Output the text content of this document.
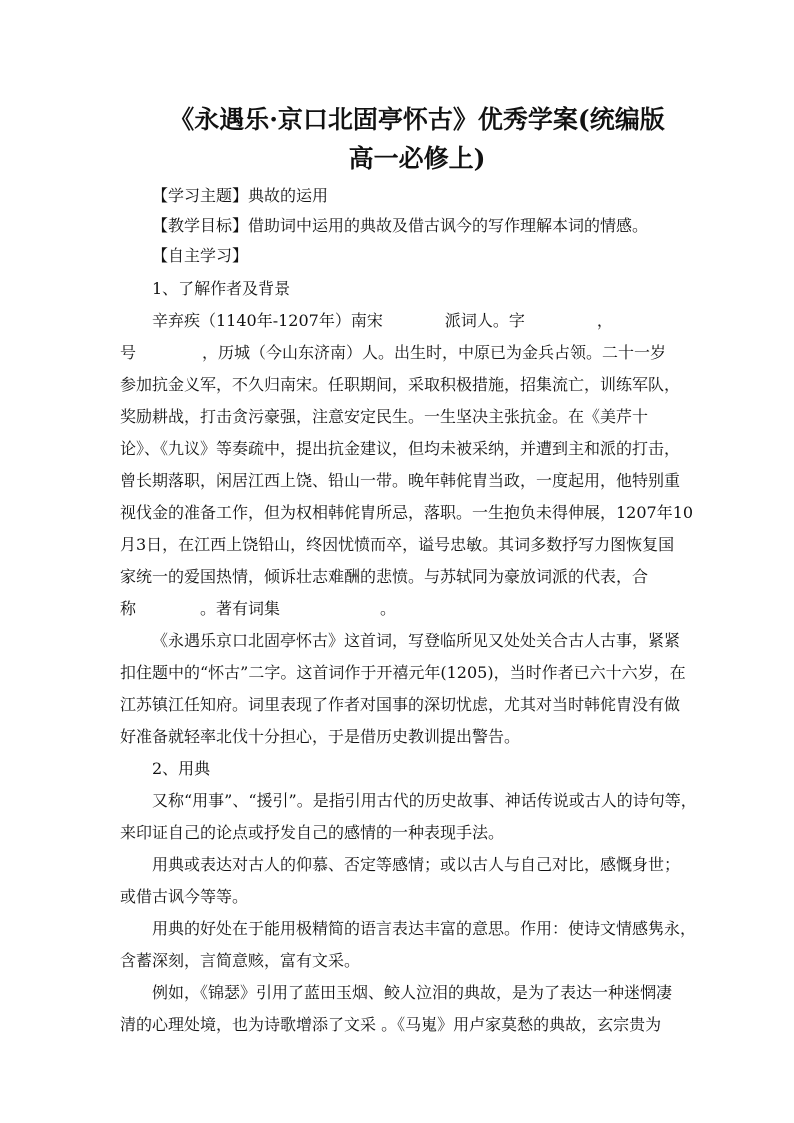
《永遇乐·京口北固亭怀古》优秀学案(统编版
高一必修上)
【学习主题】典故的运用
【教学目标】借助词中运用的典故及借古讽今的写作理解本词的情感。
【自主学习】
1、了解作者及背景
辛弃疾（1140年-1207年）南宋	派词人。字	，
号	，历城（今山东济南）人。出生时，中原已为金兵占领。二十一岁
参加抗金义军，不久归南宋。任职期间，采取积极措施，招集流亡，训练军队，
奖励耕战，打击贪污豪强，注意安定民生。一生坚决主张抗金。在《美芹十
论》、《九议》等奏疏中，提出抗金建议，但均未被采纳，并遭到主和派的打击，
曾长期落职，闲居江西上饶、铅山一带。晚年韩侂胄当政，一度起用，他特别重
视伐金的准备工作，但为权相韩侂胄所忌，落职。一生抱负未得伸展，1207年10
月3日，在江西上饶铅山，终因忧愤而卒，谥号忠敏。其词多数抒写力图恢复国
家统一的爱国热情，倾诉壮志难酬的悲愤。与苏轼同为豪放词派的代表，合
称	。著有词集	。
《永遇乐京口北固亭怀古》这首词，写登临所见又处处关合古人古事，紧紧
扣住题中的“怀古”二字。这首词作于开禧元年(1205)，当时作者已六十六岁，在
江苏镇江任知府。词里表现了作者对国事的深切忧虑，尤其对当时韩侂胄没有做
好准备就轻率北伐十分担心，于是借历史教训提出警告。
2、用典
又称“用事”、“援引”。是指引用古代的历史故事、神话传说或古人的诗句等，
来印证自己的论点或抒发自己的感情的一种表现手法。
用典或表达对古人的仰慕、否定等感情；或以古人与自己对比，感慨身世；
或借古讽今等等。
用典的好处在于能用极精简的语言表达丰富的意思。作用：使诗文情感隽永，
含蓄深刻，言简意赅，富有文采。
例如，《锦瑟》引用了蓝田玉烟、鲛人泣泪的典故，是为了表达一种迷惘凄
清的心理处境，也为诗歌增添了文采 。《马嵬》用卢家莫愁的典故，玄宗贵为
